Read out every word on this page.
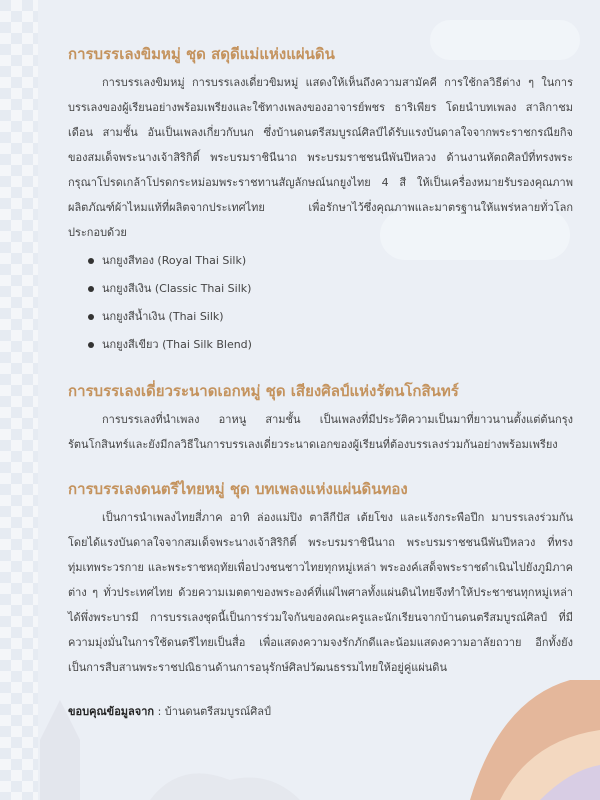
การบรรเลงขิมหมู่ ชุด สดุดีแม่แห่งแผ่นดิน

การบรรเลงขิมหมู่ การบรรเลงเดี่ยวขิมหมู่ แสดงให้เห็นถึงความสามัคคี การใช้กลวิธีต่าง ๆ ในการบรรเลงของผู้เรียนอย่างพร้อมเพรียงและใช้ทางเพลงของอาจารย์พชร ธาริเพียร โดยนำบทเพลง สาลิกาชมเดือน สามชั้น อันเป็นเพลงเกี่ยวกับนก ซึ่งบ้านดนตรีสมบูรณ์ศิลป์ได้รับแรงบันดาลใจจากพระราชกรณียกิจของสมเด็จพระนางเจ้าสิริกิติ์ พระบรมราชินีนาถ พระบรมราชชนนีพันปีหลวง ด้านงานหัตถศิลป์ที่ทรงพระกรุณาโปรดเกล้าโปรดกระหม่อมพระราชทานสัญลักษณ์นกยูงไทย 4 สี ให้เป็นเครื่องหมายรับรองคุณภาพผลิตภัณฑ์ผ้าไหมแท้ที่ผลิตจากประเทศไทย เพื่อรักษาไว้ซึ่งคุณภาพและมาตรฐานให้แพร่หลายทั่วโลก ประกอบด้วย

นกยูงสีทอง (Royal Thai Silk)
นกยูงสีเงิน (Classic Thai Silk)
นกยูงสีน้ำเงิน (Thai Silk)
นกยูงสีเขียว (Thai Silk Blend)
การบรรเลงเดี่ยวระนาดเอกหมู่ ชุด เสียงศิลป์แห่งรัตนโกสินทร์

การบรรเลงที่นำเพลง อาหนู สามชั้น เป็นเพลงที่มีประวัติความเป็นมาที่ยาวนานตั้งแต่ต้นกรุงรัตนโกสินทร์และยังมีกลวิธีในการบรรเลงเดี่ยวระนาดเอกของผู้เรียนที่ต้องบรรเลงร่วมกันอย่างพร้อมเพรียง

การบรรเลงดนตรีไทยหมู่ ชุด บทเพลงแห่งแผ่นดินทอง

เป็นการนำเพลงไทยสี่ภาค อาทิ ล่องแม่ปิง ตาลีกีปัส เต้ยโขง และแร้งกระพือปีก มาบรรเลงร่วมกัน โดยได้แรงบันดาลใจจากสมเด็จพระนางเจ้าสิริกิติ์ พระบรมราชินีนาถ พระบรมราชชนนีพันปีหลวง ที่ทรงทุ่มเทพระวรกาย และพระราชหฤทัยเพื่อปวงชนชาวไทยทุกหมู่เหล่า พระองค์เสด็จพระราชดำเนินไปยังภูมิภาคต่าง ๆ ทั่วประเทศไทย ด้วยความเมตตาของพระองค์ที่แผ่ไพศาลทั้งแผ่นดินไทยจึงทำให้ประชาชนทุกหมู่เหล่าได้พึ่งพระบารมี การบรรเลงชุดนี้เป็นการร่วมใจกันของคณะครูและนักเรียนจากบ้านดนตรีสมบูรณ์ศิลป์ ที่มีความมุ่งมั่นในการใช้ดนตรีไทยเป็นสื่อ เพื่อแสดงความจงรักภักดีและน้อมแสดงความอาลัยถวาย อีกทั้งยังเป็นการสืบสานพระราชปณิธานด้านการอนุรักษ์ศิลปวัฒนธรรมไทยให้อยู่คู่แผ่นดิน

ขอบคุณข้อมูลจาก : บ้านดนตรีสมบูรณ์ศิลป์
